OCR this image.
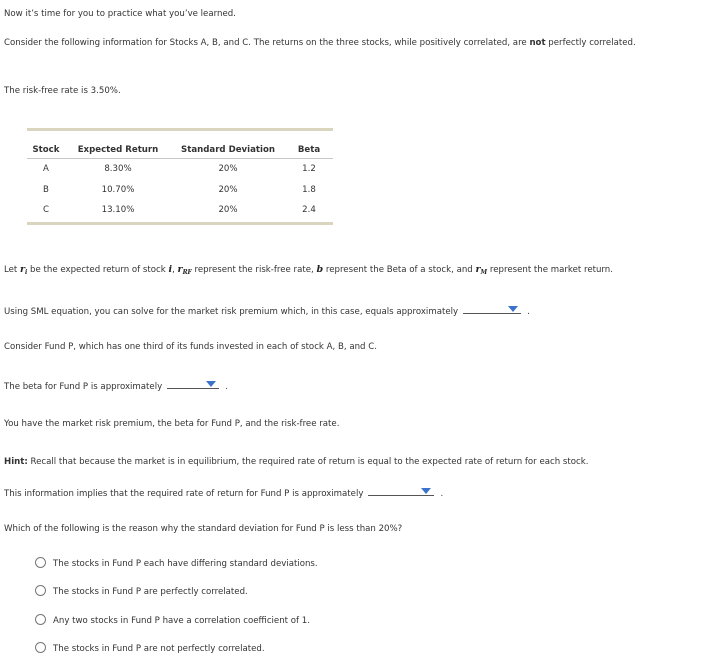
Now it’s time for you to practice what you’ve learned.
Consider the following information for Stocks A, B, and C. The returns on the three stocks, while positively correlated, are not perfectly correlated.
The risk-free rate is 3.50%.
Stock	Expected Return	Standard Deviation	Beta
A	8.30%	20%	1.2
B	10.70%	20%	1.8
C	13.10%	20%	2.4
Let $r_i$ be the expected return of stock i, $r_{RF}$ represent the risk-free rate, b represent the Beta of a stock, and $r_M$ represent the market return.
Using SML equation, you can solve for the market risk premium which, in this case, equals approximately	.
Consider Fund P, which has one third of its funds invested in each of stock A, B, and C.
The beta for Fund P is approximately	.
You have the market risk premium, the beta for Fund P, and the risk-free rate.
Hint: Recall that because the market is in equilibrium, the required rate of return is equal to the expected rate of return for each stock.
This information implies that the required rate of return for Fund P is approximately	.
Which of the following is the reason why the standard deviation for Fund P is less than 20%?
The stocks in Fund P each have differing standard deviations.
The stocks in Fund P are perfectly correlated.
Any two stocks in Fund P have a correlation coefficient of 1.
The stocks in Fund P are not perfectly correlated.
